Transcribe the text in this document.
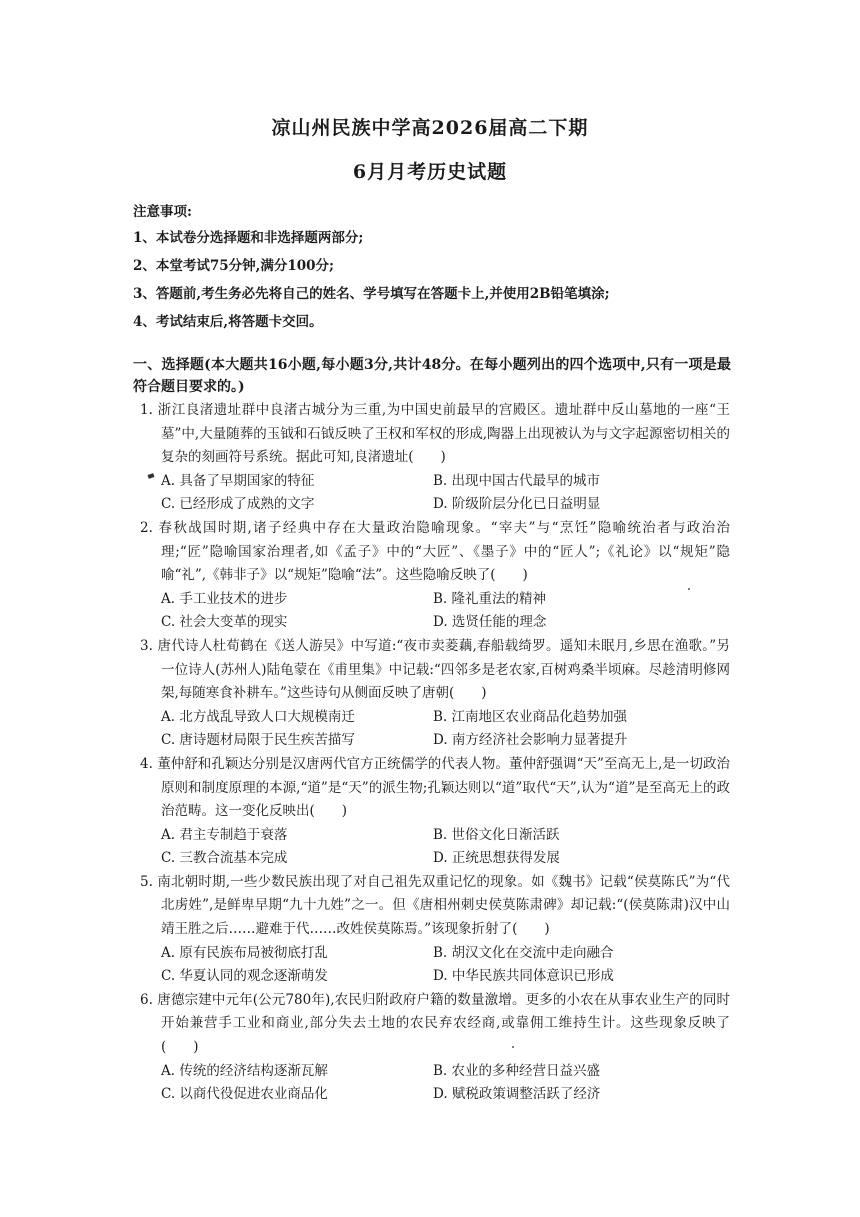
凉山州民族中学高2026届高二下期
6月月考历史试题
注意事项:
1、本试卷分选择题和非选择题两部分;
2、本堂考试75分钟,满分100分;
3、答题前,考生务必先将自己的姓名、学号填写在答题卡上,并使用2B铅笔填涂;
4、考试结束后,将答题卡交回。
一、选择题(本大题共16小题,每小题3分,共计48分。在每小题列出的四个选项中,只有一项是最符合题目要求的。)
1. 浙江良渚遗址群中良渚古城分为三重,为中国史前最早的宫殿区。遗址群中反山墓地的一座“王墓”中,大量随葬的玉钺和石钺反映了王权和军权的形成,陶器上出现被认为与文字起源密切相关的复杂的刻画符号系统。据此可知,良渚遗址(　　)
A. 具备了早期国家的特征	B. 出现中国古代最早的城市
C. 已经形成了成熟的文字	D. 阶级阶层分化已日益明显
2. 春秋战国时期,诸子经典中存在大量政治隐喻现象。“宰夫”与“烹饪”隐喻统治者与政治治理;“匠”隐喻国家治理者,如《孟子》中的“大匠”、《墨子》中的“匠人”;《礼论》以“规矩”隐喻“礼”,《韩非子》以“规矩”隐喻“法”。这些隐喻反映了(　　)
A. 手工业技术的进步	B. 隆礼重法的精神
C. 社会大变革的现实	D. 选贤任能的理念
3. 唐代诗人杜荀鹤在《送人游吴》中写道:“夜市卖菱藕,春船载绮罗。遥知未眠月,乡思在渔歌。”另一位诗人(苏州人)陆龟蒙在《甫里集》中记载:“四邻多是老农家,百树鸡桑半顷麻。尽趁清明修网架,每随寒食补耕车。”这些诗句从侧面反映了唐朝(　　)
A. 北方战乱导致人口大规模南迁	B. 江南地区农业商品化趋势加强
C. 唐诗题材局限于民生疾苦描写	D. 南方经济社会影响力显著提升
4. 董仲舒和孔颖达分别是汉唐两代官方正统儒学的代表人物。董仲舒强调“天”至高无上,是一切政治原则和制度原理的本源,“道”是“天”的派生物;孔颖达则以“道”取代“天”,认为“道”是至高无上的政治范畴。这一变化反映出(　　)
A. 君主专制趋于衰落	B. 世俗文化日渐活跃
C. 三教合流基本完成	D. 正统思想获得发展
5. 南北朝时期,一些少数民族出现了对自己祖先双重记忆的现象。如《魏书》记载“侯莫陈氏”为“代北虏姓”,是鲜卑早期“九十九姓”之一。但《唐相州刺史侯莫陈肃碑》却记载:“(侯莫陈肃)汉中山靖王胜之后……避难于代……改姓侯莫陈焉。”该现象折射了(　　)
A. 原有民族布局被彻底打乱	B. 胡汉文化在交流中走向融合
C. 华夏认同的观念逐渐萌发	D. 中华民族共同体意识已形成
6. 唐德宗建中元年(公元780年),农民归附政府户籍的数量激增。更多的小农在从事农业生产的同时开始兼营手工业和商业,部分失去土地的农民弃农经商,或靠佣工维持生计。这些现象反映了(　　)
A. 传统的经济结构逐渐瓦解	B. 农业的多种经营日益兴盛
C. 以商代役促进农业商品化	D. 赋税政策调整活跃了经济
